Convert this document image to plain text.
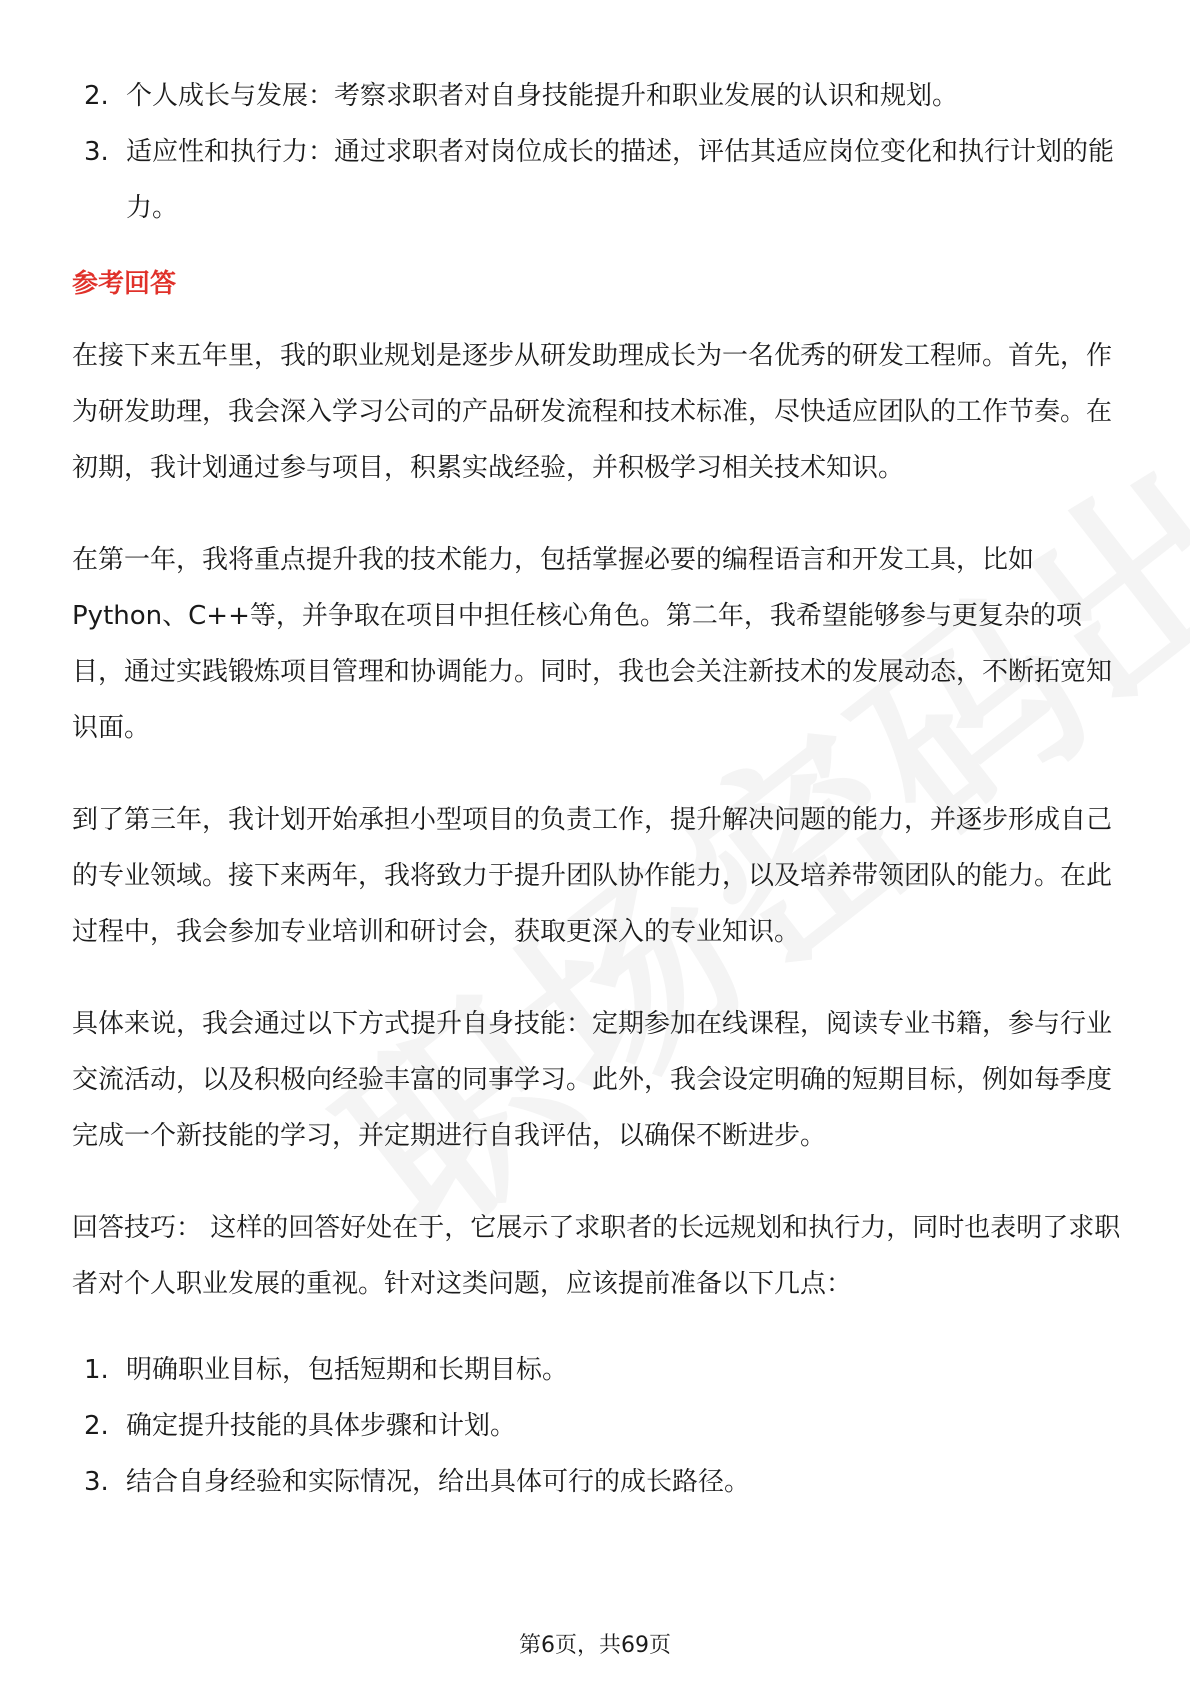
2. 个人成长与发展：考察求职者对自身技能提升和职业发展的认识和规划。
3. 适应性和执行力：通过求职者对岗位成长的描述，评估其适应岗位变化和执行计划的能力。
参考回答

在接下来五年里，我的职业规划是逐步从研发助理成长为一名优秀的研发工程师。首先，作为研发助理，我会深入学习公司的产品研发流程和技术标准，尽快适应团队的工作节奏。在初期，我计划通过参与项目，积累实战经验，并积极学习相关技术知识。

在第一年，我将重点提升我的技术能力，包括掌握必要的编程语言和开发工具，比如Python、C++等，并争取在项目中担任核心角色。第二年，我希望能够参与更复杂的项目，通过实践锻炼项目管理和协调能力。同时，我也会关注新技术的发展动态，不断拓宽知识面。

到了第三年，我计划开始承担小型项目的负责工作，提升解决问题的能力，并逐步形成自己的专业领域。接下来两年，我将致力于提升团队协作能力，以及培养带领团队的能力。在此过程中，我会参加专业培训和研讨会，获取更深入的专业知识。

具体来说，我会通过以下方式提升自身技能：定期参加在线课程，阅读专业书籍，参与行业交流活动，以及积极向经验丰富的同事学习。此外，我会设定明确的短期目标，例如每季度完成一个新技能的学习，并定期进行自我评估，以确保不断进步。

回答技巧： 这样的回答好处在于，它展示了求职者的长远规划和执行力，同时也表明了求职者对个人职业发展的重视。针对这类问题，应该提前准备以下几点：

1. 明确职业目标，包括短期和长期目标。
2. 确定提升技能的具体步骤和计划。
3. 结合自身经验和实际情况，给出具体可行的成长路径。
第6页，共69页
